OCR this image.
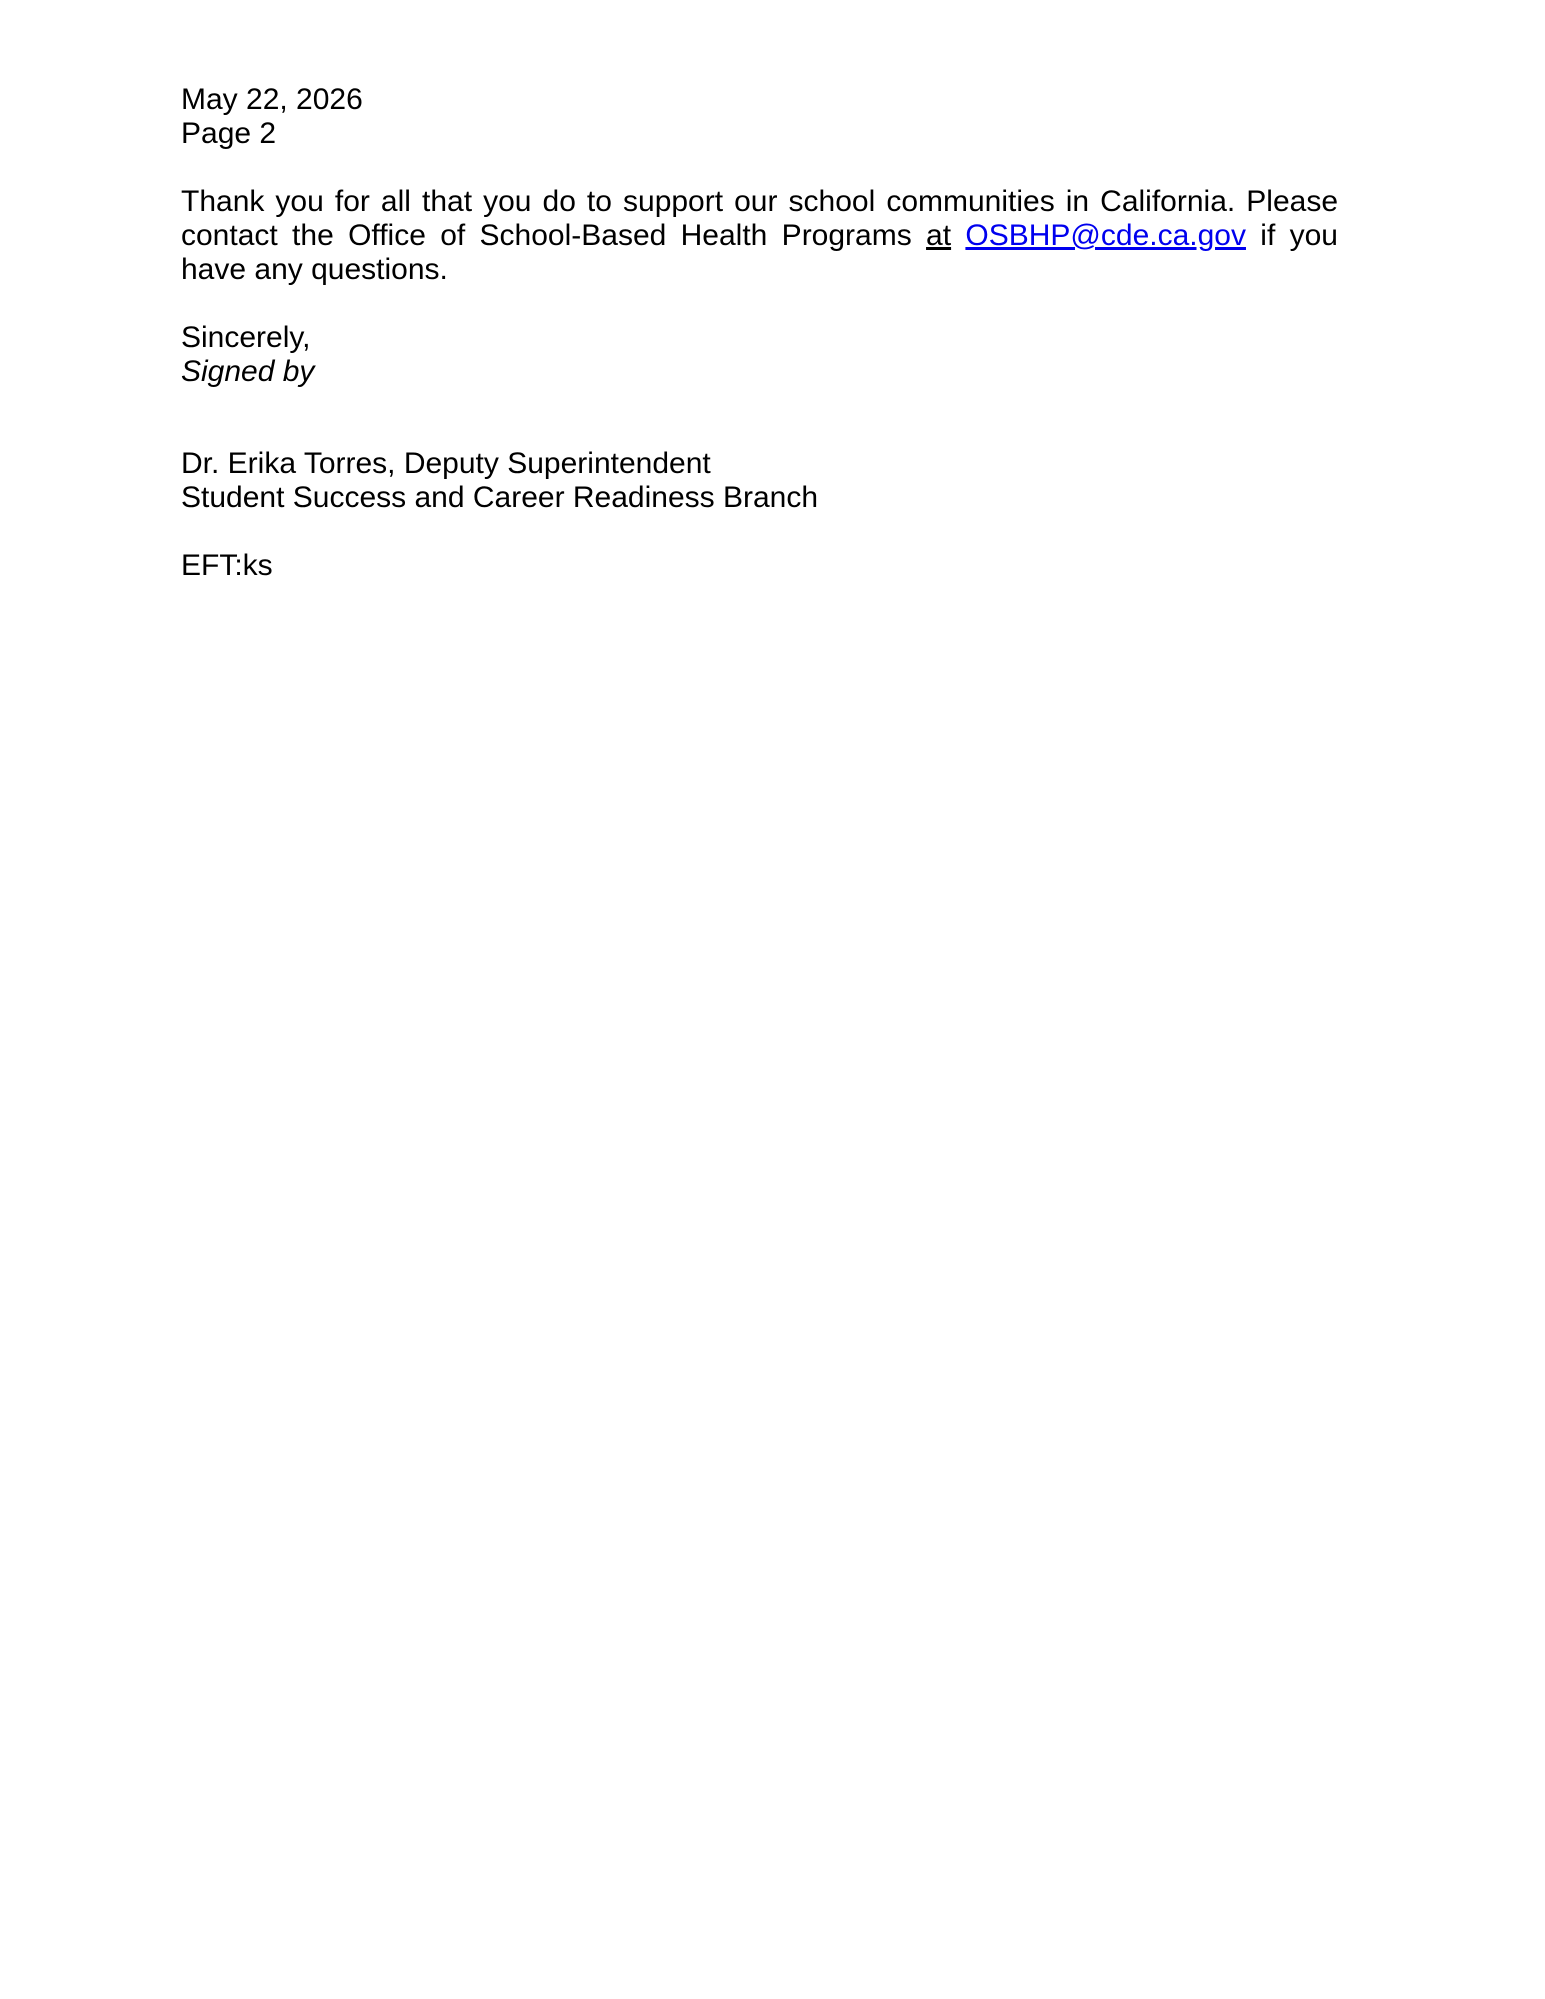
May 22, 2026
Page 2

Thank you for all that you do to support our school communities in California. Please contact the Office of School-Based Health Programs at OSBHP@cde.ca.gov if you have any questions.

Sincerely,
Signed by
Dr. Erika Torres, Deputy Superintendent
Student Success and Career Readiness Branch
EFT:ks
